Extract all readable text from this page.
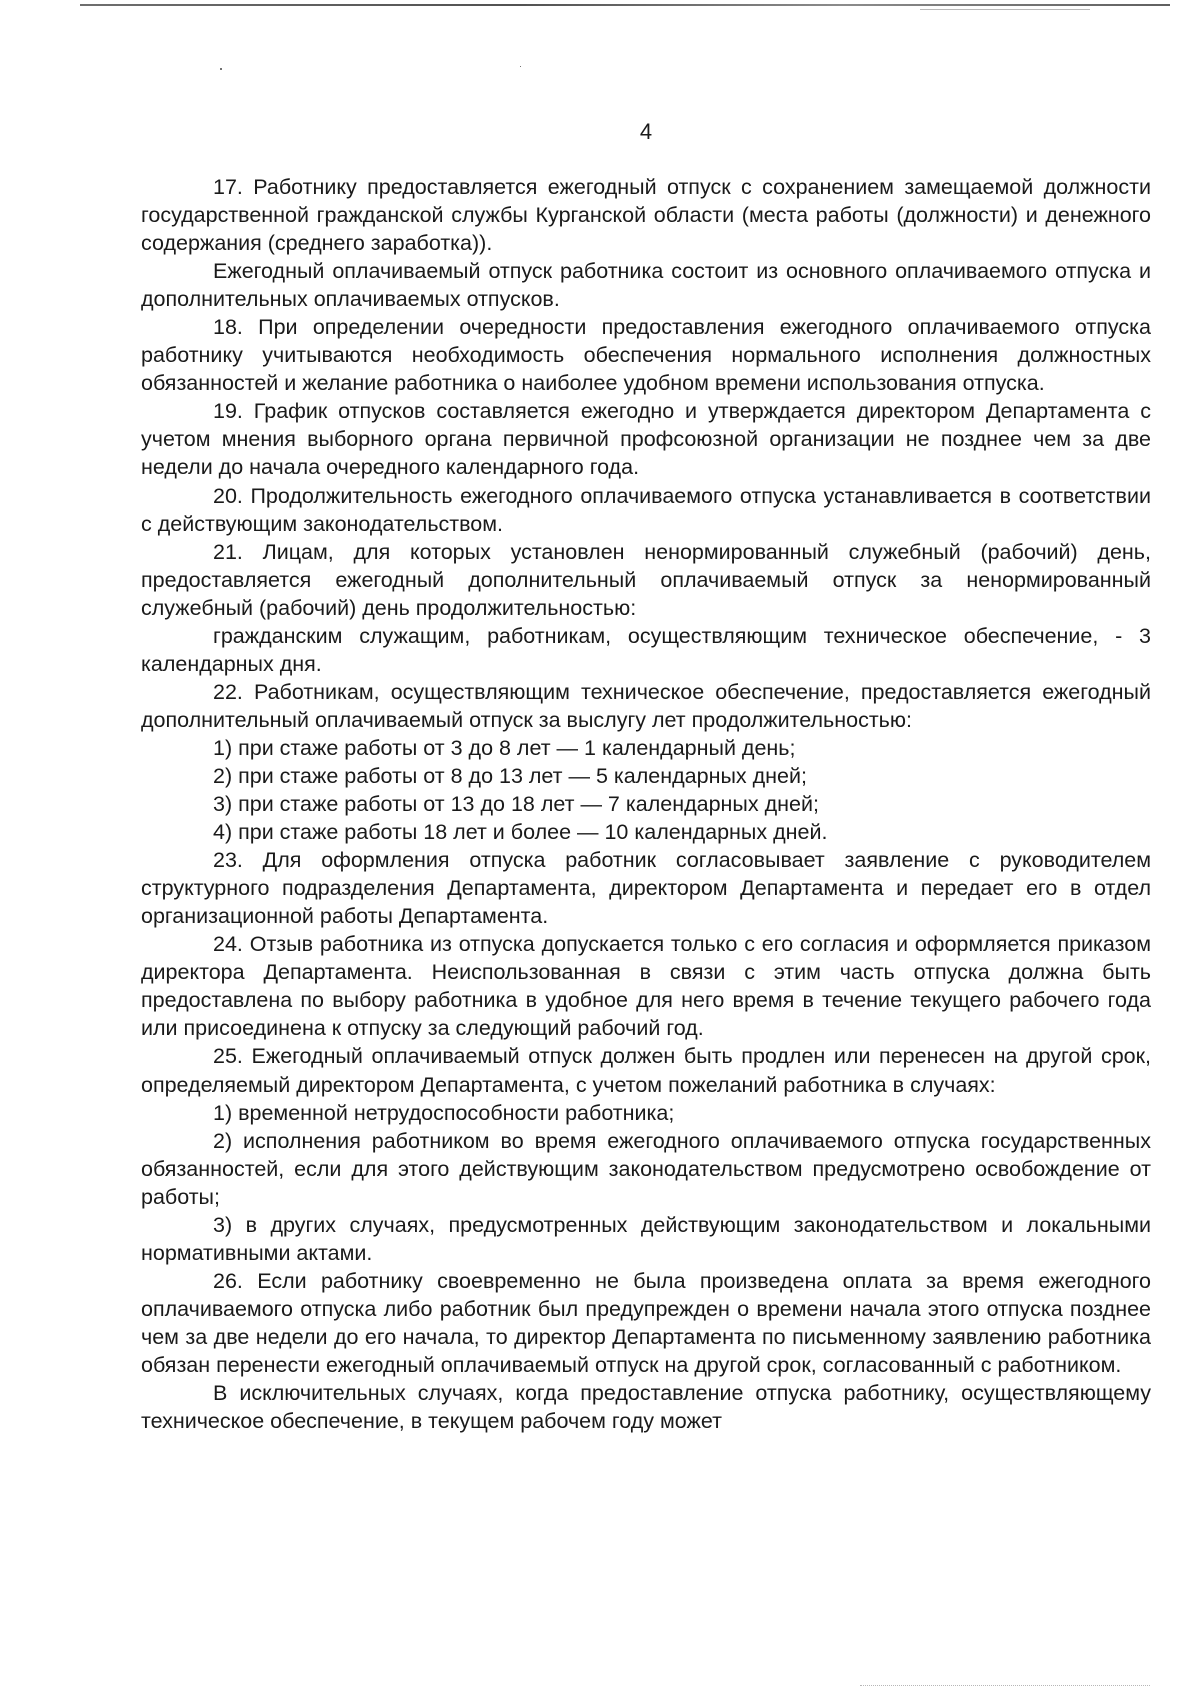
4

17. Работнику предоставляется ежегодный отпуск с сохранением замещаемой должности государственной гражданской службы Курганской области (места работы (должности) и денежного содержания (среднего заработка)).

Ежегодный оплачиваемый отпуск работника состоит из основного оплачиваемого отпуска и дополнительных оплачиваемых отпусков.

18. При определении очередности предоставления ежегодного оплачиваемого отпуска работнику учитываются необходимость обеспечения нормального исполнения должностных обязанностей и желание работника о наиболее удобном времени использования отпуска.

19. График отпусков составляется ежегодно и утверждается директором Департамента с учетом мнения выборного органа первичной профсоюзной организации не позднее чем за две недели до начала очередного календарного года.

20. Продолжительность ежегодного оплачиваемого отпуска устанавливается в соответствии с действующим законодательством.

21. Лицам, для которых установлен ненормированный служебный (рабочий) день, предоставляется ежегодный дополнительный оплачиваемый отпуск за ненормированный служебный (рабочий) день продолжительностью:

гражданским служащим, работникам, осуществляющим техническое обеспечение, - 3 календарных дня.

22. Работникам, осуществляющим техническое обеспечение, предоставляется ежегодный дополнительный оплачиваемый отпуск за выслугу лет продолжительностью:

1) при стаже работы от 3 до 8 лет — 1 календарный день;

2) при стаже работы от 8 до 13 лет — 5 календарных дней;

3) при стаже работы от 13 до 18 лет — 7 календарных дней;

4) при стаже работы 18 лет и более — 10 календарных дней.

23. Для оформления отпуска работник согласовывает заявление с руководителем структурного подразделения Департамента, директором Департамента и передает его в отдел организационной работы Департамента.

24. Отзыв работника из отпуска допускается только с его согласия и оформляется приказом директора Департамента. Неиспользованная в связи с этим часть отпуска должна быть предоставлена по выбору работника в удобное для него время в течение текущего рабочего года или присоединена к отпуску за следующий рабочий год.

25. Ежегодный оплачиваемый отпуск должен быть продлен или перенесен на другой срок, определяемый директором Департамента, с учетом пожеланий работника в случаях:

1) временной нетрудоспособности работника;

2) исполнения работником во время ежегодного оплачиваемого отпуска государственных обязанностей, если для этого действующим законодательством предусмотрено освобождение от работы;

3) в других случаях, предусмотренных действующим законодательством и локальными нормативными актами.

26. Если работнику своевременно не была произведена оплата за время ежегодного оплачиваемого отпуска либо работник был предупрежден о времени начала этого отпуска позднее чем за две недели до его начала, то директор Департамента по письменному заявлению работника обязан перенести ежегодный оплачиваемый отпуск на другой срок, согласованный с работником.

В исключительных случаях, когда предоставление отпуска работнику, осуществляющему техническое обеспечение, в текущем рабочем году может
